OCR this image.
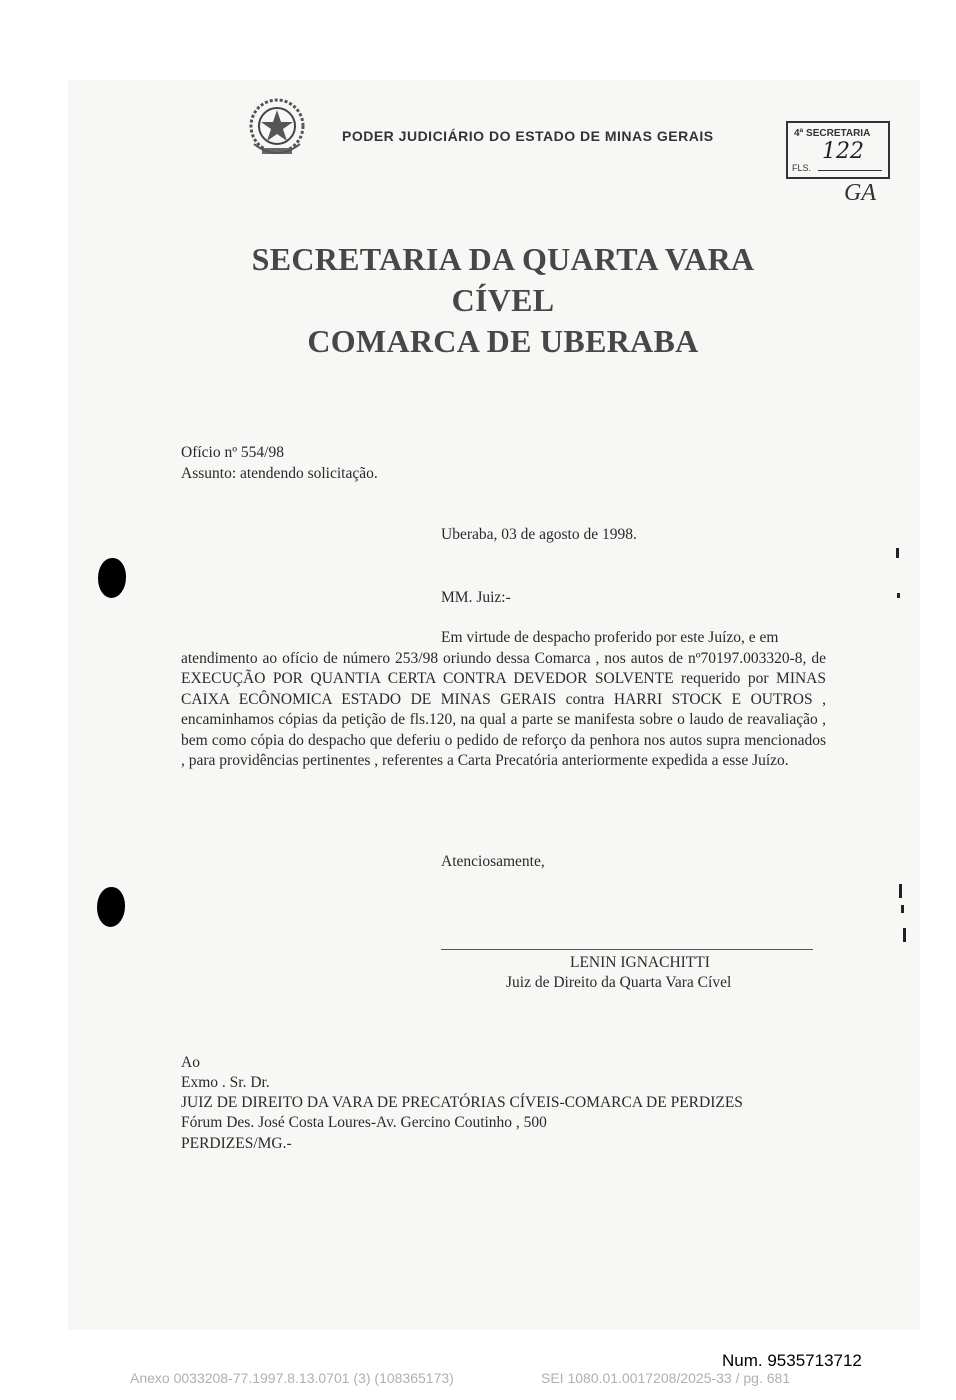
PODER JUDICIÁRIO DO ESTADO DE MINAS GERAIS	4ª SECRETARIA
122
FLS.
GA
SECRETARIA DA QUARTA VARA
CÍVEL
COMARCA DE UBERABA
Ofício nº 554/98
Assunto: atendendo solicitação.
Uberaba, 03 de agosto de 1998.
MM. Juiz:-

Em virtude de despacho proferido por este Juízo, e em

atendimento ao ofício de número 253/98 oriundo dessa Comarca , nos autos de nº70197.003320-8, de EXECUÇÃO POR QUANTIA CERTA CONTRA DEVEDOR SOLVENTE requerido por MINAS CAIXA ECÔNOMICA ESTADO DE MINAS GERAIS contra HARRI STOCK E OUTROS , encaminhamos cópias da petição de fls.120, na qual a parte se manifesta sobre o laudo de reavaliação , bem como cópia do despacho que deferiu o pedido de reforço da penhora nos autos supra mencionados , para providências pertinentes , referentes a Carta Precatória anteriormente expedida a esse Juízo.

Atenciosamente,
LENIN IGNACHITTI
Juiz de Direito da Quarta Vara Cível
Ao
Exmo . Sr. Dr.
JUIZ DE DIREITO DA VARA DE PRECATÓRIAS CÍVEIS-COMARCA DE PERDIZES
Fórum Des. José Costa Loures-Av. Gercino Coutinho , 500
PERDIZES/MG.-
Num. 9535713712
Anexo 0033208-77.1997.8.13.0701 (3) (108365173)	SEI 1080.01.0017208/2025-33 / pg. 681
